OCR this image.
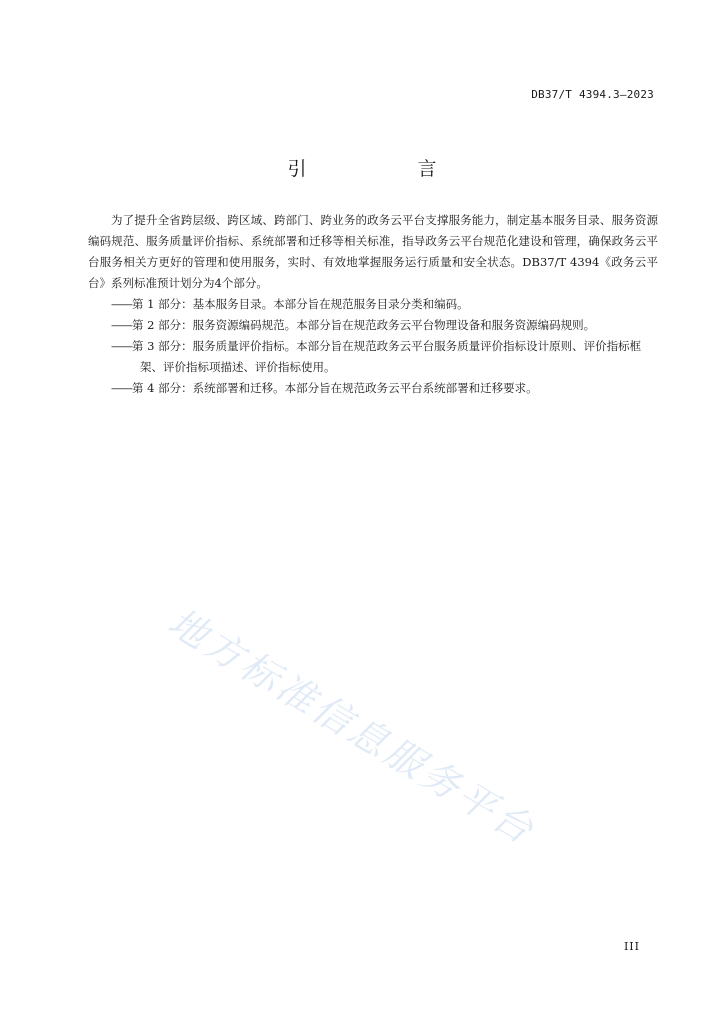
DB37/T 4394.3—2023
引　言

为了提升全省跨层级、跨区域、跨部门、跨业务的政务云平台支撑服务能力，制定基本服务目录、服务资源编码规范、服务质量评价指标、系统部署和迁移等相关标准，指导政务云平台规范化建设和管理，确保政务云平台服务相关方更好的管理和使用服务，实时、有效地掌握服务运行质量和安全状态。DB37/T 4394《政务云平台》系列标准预计划分为4个部分。

——第 1 部分：基本服务目录。本部分旨在规范服务目录分类和编码。

——第 2 部分：服务资源编码规范。本部分旨在规范政务云平台物理设备和服务资源编码规则。

——第 3 部分：服务质量评价指标。本部分旨在规范政务云平台服务质量评价指标设计原则、评价指标框架、评价指标项描述、评价指标使用。

——第 4 部分：系统部署和迁移。本部分旨在规范政务云平台系统部署和迁移要求。

地方标准信息服务平台
III
